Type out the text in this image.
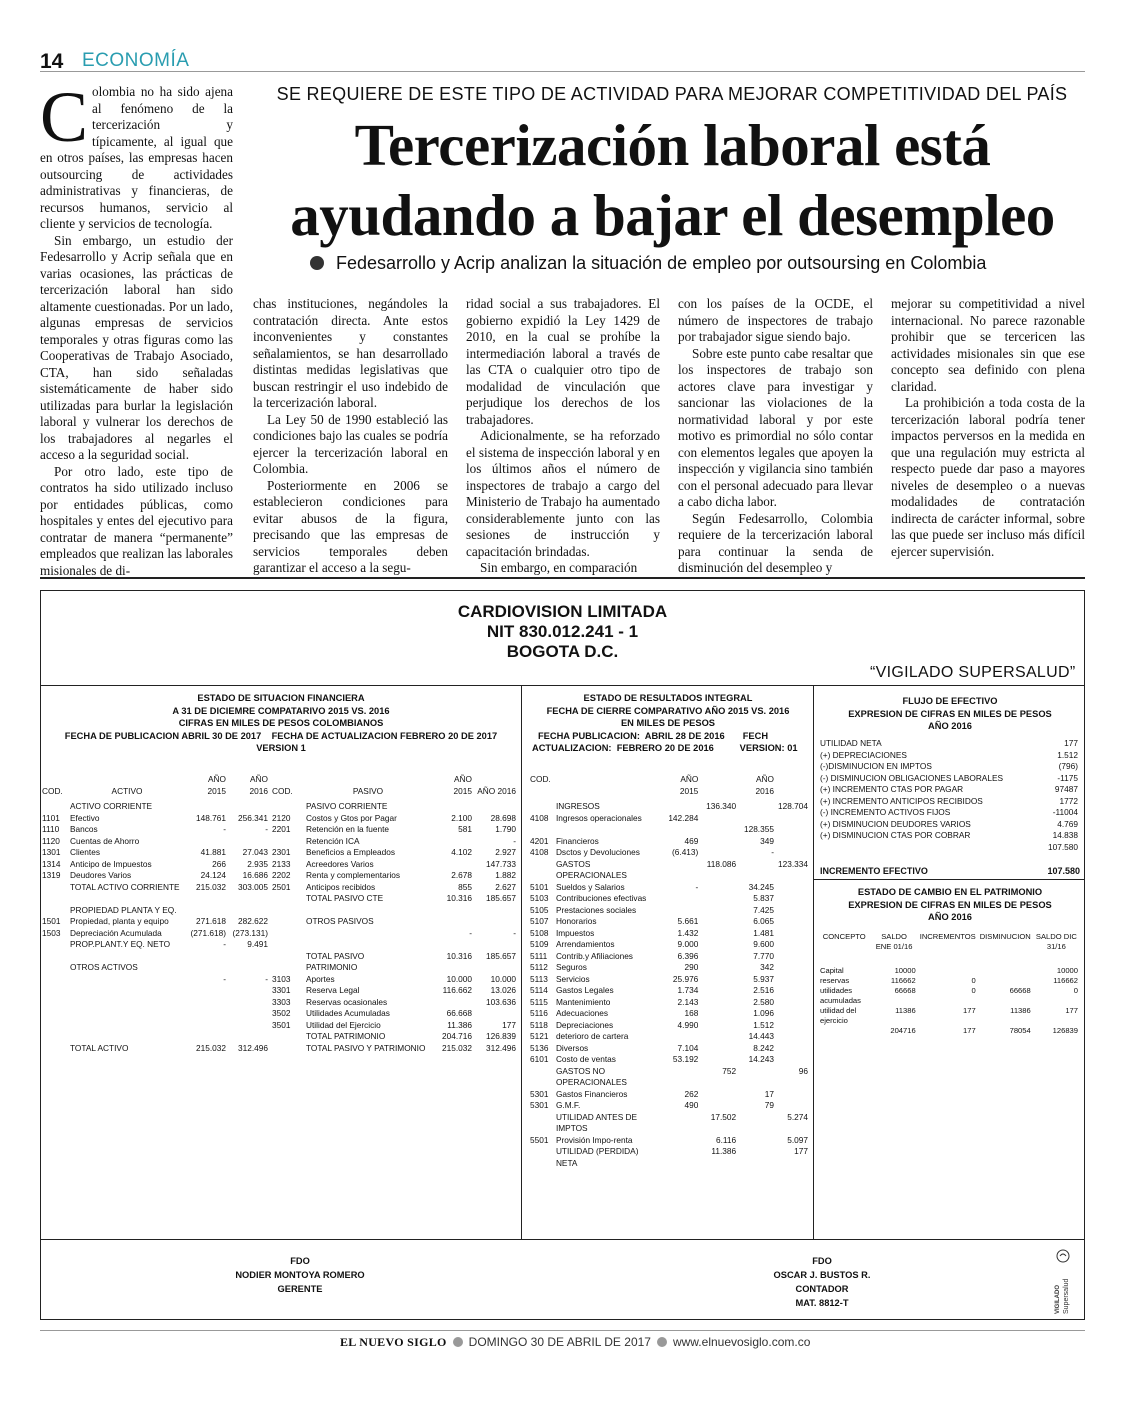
14 ECONOMÍA
SE REQUIERE DE ESTE TIPO DE ACTIVIDAD PARA MEJORAR COMPETITIVIDAD DEL PAÍS
Tercerización laboral está ayudando a bajar el desempleo
Fedesarrollo y Acrip analizan la situación de empleo por outsoursing en Colombia

Colombia no ha sido ajena al fenómeno de la tercerización y típicamente, al igual que en otros países, las empresas hacen outsourcing de actividades administrativas y financieras, de recursos humanos, servicio al cliente y servicios de tecnología.

Sin embargo, un estudio der Fedesarrollo y Acrip señala que en varias ocasiones, las prácticas de tercerización laboral han sido altamente cuestionadas. Por un lado, algunas empresas de servicios temporales y otras figuras como las Cooperativas de Trabajo Asociado, CTA, han sido señaladas sistemáticamente de haber sido utilizadas para burlar la legislación laboral y vulnerar los derechos de los trabajadores al negarles el acceso a la seguridad social.

Por otro lado, este tipo de contratos ha sido utilizado incluso por entidades públicas, como hospitales y entes del ejecutivo para contratar de manera “permanente” empleados que realizan las laborales misionales de di-

chas instituciones, negándoles la contratación directa. Ante estos inconvenientes y constantes señalamientos, se han desarrollado distintas medidas legislativas que buscan restringir el uso indebido de la tercerización laboral.

La Ley 50 de 1990 estableció las condiciones bajo las cuales se podría ejercer la tercerización laboral en Colombia.

Posteriormente en 2006 se establecieron condiciones para evitar abusos de la figura, precisando que las empresas de servicios temporales deben garantizar el acceso a la segu-

ridad social a sus trabajadores. El gobierno expidió la Ley 1429 de 2010, en la cual se prohíbe la intermediación laboral a través de las CTA o cualquier otro tipo de modalidad de vinculación que perjudique los derechos de los trabajadores.

Adicionalmente, se ha reforzado el sistema de inspección laboral y en los últimos años el número de inspectores de trabajo a cargo del Ministerio de Trabajo ha aumentado considerablemente junto con las sesiones de instrucción y capacitación brindadas.

Sin embargo, en comparación

con los países de la OCDE, el número de inspectores de trabajo por trabajador sigue siendo bajo.

Sobre este punto cabe resaltar que los inspectores de trabajo son actores clave para investigar y sancionar las violaciones de la normatividad laboral y por este motivo es primordial no sólo contar con elementos legales que apoyen la inspección y vigilancia sino también con el personal adecuado para llevar a cabo dicha labor.

Según Fedesarrollo, Colombia requiere de la tercerización laboral para continuar la senda de disminución del desempleo y

mejorar su competitividad a nivel internacional. No parece razonable prohibir que se tercericen las actividades misionales sin que ese concepto sea definido con plena claridad.

La prohibición a toda costa de la tercerización laboral podría tener impactos perversos en la medida en que una regulación muy estricta al respecto puede dar paso a mayores niveles de desempleo o a nuevas modalidades de contratación indirecta de carácter informal, sobre las que puede ser incluso más difícil ejercer supervisión.

CARDIOVISION LIMITADA
NIT 830.012.241 - 1
BOGOTA D.C.
“VIGILADO SUPERSALUD”
ESTADO DE SITUACION FINANCIERA
A 31 DE DICIEMRE COMPATARIVO 2015 VS. 2016
CIFRAS EN MILES DE PESOS COLOMBIANOS
FECHA DE PUBLICACION ABRIL 30 DE 2017    FECHA DE ACTUALIZACION FEBRERO 20 DE 2017
VERSION 1
COD.	ACTIVO	AÑO 2015	AÑO 2016	COD.	PASIVO	AÑO 2015	AÑO 2016
	ACTIVO CORRIENTE				PASIVO CORRIENTE		
1101	Efectivo	148.761	256.341	2120	Costos y Gtos por Pagar	2.100	28.698
1110	Bancos	-	-	2201	Retención en la fuente	581	1.790
1120	Cuentas de Ahorro				Retención ICA		-
1301	Clientes	41.881	27.043	2301	Beneficios a Empleados	4.102	2.927
1314	Anticipo de Impuestos	266	2.935	2133	Acreedores Varios		147.733
1319	Deudores Varios	24.124	16.686	2202	Renta y complementarios	2.678	1.882
	TOTAL ACTIVO CORRIENTE	215.032	303.005	2501	Anticipos recibidos	855	2.627
					TOTAL PASIVO CTE	10.316	185.657
	PROPIEDAD PLANTA Y EQ.						
1501	Propiedad, planta y equipo	271.618	282.622		OTROS PASIVOS		
1503	Depreciación Acumulada	(271.618)	(273.131)			-	-
	PROP.PLANT.Y EQ. NETO	-	9.491				

					TOTAL PASIVO	10.316	185.657

	OTROS ACTIVOS				PATRIMONIO		
		-	-	3103	Aportes	10.000	10.000
				3301	Reserva Legal	116.662	13.026
				3303	Reservas ocasionales		103.636
				3502	Utilidades Acumuladas	66.668	
				3501	Utilidad del Ejercicio	11.386	177
					TOTAL PATRIMONIO	204.716	126.839

	TOTAL ACTIVO	215.032	312.496		TOTAL PASIVO Y PATRIMONIO	215.032	312.496
ESTADO DE RESULTADOS INTEGRAL
FECHA DE CIERRE COMPARATIVO AÑO 2015 VS. 2016
EN MILES DE PESOS
FECHA PUBLICACION:  ABRIL 28 DE 2016       FECH
ACTUALIZACION:  FEBRERO 20 DE 2016          VERSION: 01
COD.		AÑO 2015		AÑO 2016	
	INGRESOS		136.340		128.704
4108	Ingresos operacionales	142.284			
				128.355	
4201	Financieros	469		349	
4108	Dsctos y Devoluciones	(6.413)		-	

	GASTOS OPERACIONALES		118.086		123.334
5101	Sueldos y Salarios	-		34.245	
5103	Contribuciones efectivas			5.837	
5105	Prestaciones sociales			7.425	
5107	Honorarios	5.661		6.065	
5108	Impuestos	1.432		1.481	
5109	Arrendamientos	9.000		9.600	
5111	Contrib.y Afiliaciones	6.396		7.770	
5112	Seguros	290		342	
5113	Servicios	25.976		5.937	
5114	Gastos Legales	1.734		2.516	
5115	Mantenimiento	2.143		2.580	
5116	Adecuaciones	168		1.096	
5118	Depreciaciones	4.990		1.512	
5121	deterioro de cartera			14.443	
5136	Diversos	7.104		8.242	
6101	Costo de ventas	53.192		14.243	

	GASTOS NO OPERACIONALES		752		96
5301	Gastos Financieros	262		17	
5301	G.M.F.	490		79	

	UTILIDAD ANTES DE IMPTOS		17.502		5.274

5501	Provisión Impo-renta		6.116		5.097

	UTILIDAD (PERDIDA) NETA		11.386		177
FLUJO DE EFECTIVO
EXPRESION DE CIFRAS EN MILES DE PESOS
AÑO 2016
UTILIDAD NETA	177
(+) DEPRECIACIONES	1.512
(-)DISMINUCION EN IMPTOS	(796)
(-) DISMINUCION OBLIGACIONES LABORALES	-1175
(+) INCREMENTO CTAS POR PAGAR	97487
(+) INCREMENTO ANTICIPOS RECIBIDOS	1772
(-) INCREMENTO ACTIVOS FIJOS	-11004
(+) DISMINUCION DEUDORES VARIOS	4.769
(+) DISMINUCION CTAS POR COBRAR	14.838
	107.580
INCREMENTO EFECTIVO	107.580
ESTADO DE CAMBIO EN EL PATRIMONIO
EXPRESION DE CIFRAS EN MILES DE PESOS
AÑO 2016
CONCEPTO	SALDO ENE 01/16	INCREMENTOS	DISMINUCION	SALDO DIC 31/16
Capital	10000			10000
reservas	116662	0		116662
utilidades acumuladas	66668	0	66668	0
utilidad del ejercicio	11386	177	11386	177

	204716	177	78054	126839
FDO
NODIER MONTOYA ROMERO
GERENTE
FDO
OSCAR J. BUSTOS R.
CONTADOR
MAT. 8812-T	VIGILADO Supersalud
EL NUEVO SIGLO DOMINGO 30 DE ABRIL DE 2017 www.elnuevosiglo.com.co
